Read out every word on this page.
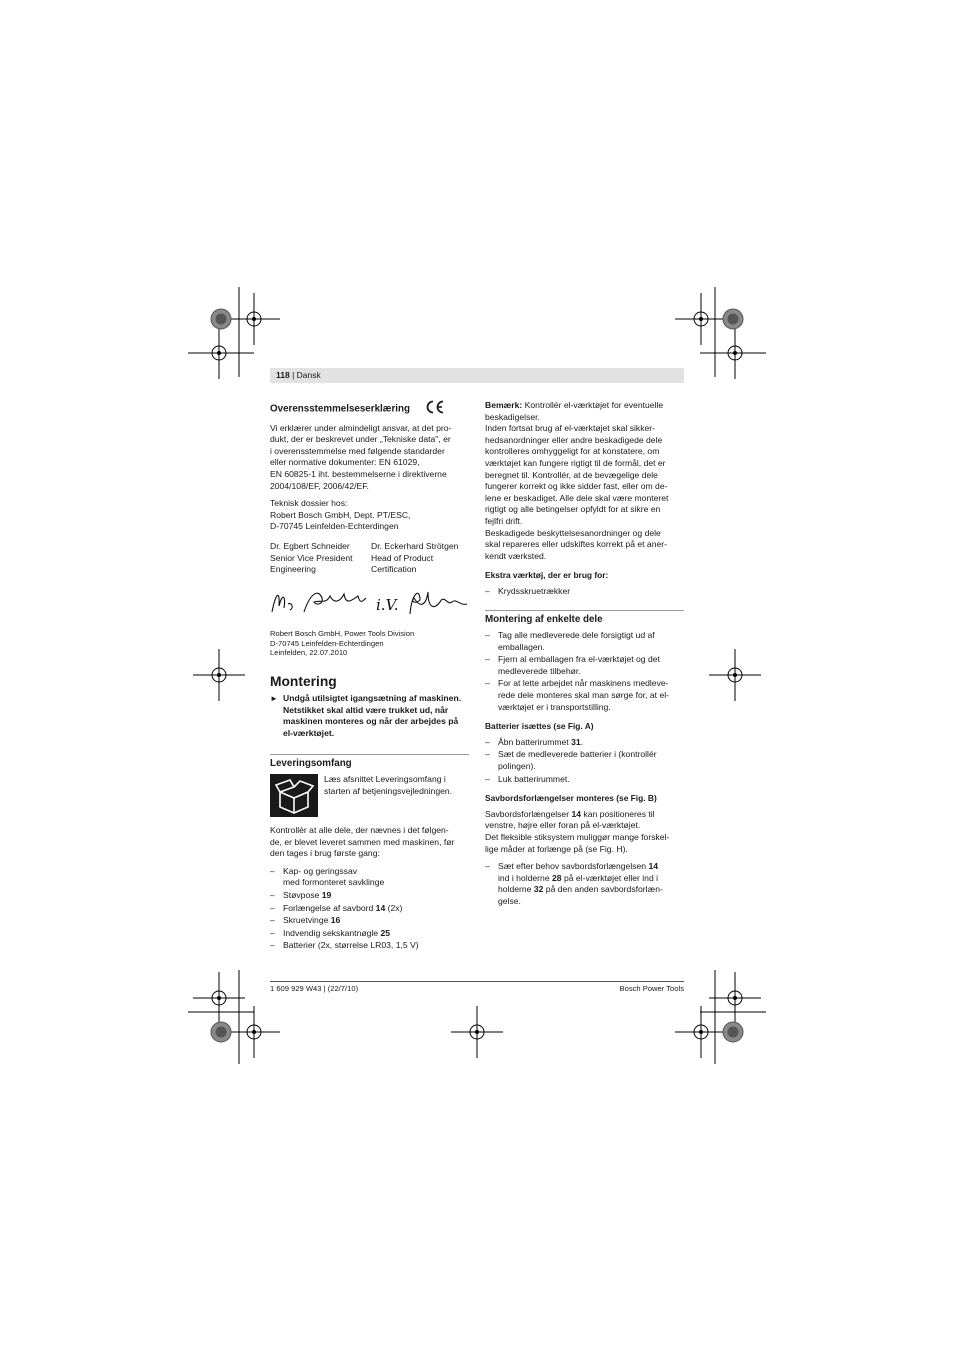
118 | Dansk
Overensstemmelseserklæring

Vi erklærer under almindeligt ansvar, at det pro-
dukt, der er beskrevet under „Tekniske data", er
i overensstemmelse med følgende standarder
eller normative dokumenter: EN 61029,
EN 60825-1 iht. bestemmelserne i direktiverne
2004/108/EF, 2006/42/EF.

Teknisk dossier hos:
Robert Bosch GmbH, Dept. PT/ESC,
D-70745 Leinfelden-Echterdingen

Dr. Egbert Schneider
Senior Vice President
Engineering
Dr. Eckerhard Strötgen
Head of Product
Certification
i.V.
Robert Bosch GmbH, Power Tools Division
D-70745 Leinfelden-Echterdingen
Leinfelden, 22.07.2010
Montering
► Undgå utilsigtet igangsætning af maskinen.
Netstikket skal altid være trukket ud, når
maskinen monteres og når der arbejdes på
el-værktøjet.
Leveringsomfang
Læs afsnittet Leveringsomfang i
starten af betjeningsvejledningen.

Kontrollér at alle dele, der nævnes i det følgen-
de, er blevet leveret sammen med maskinen, før
den tages i brug første gang:

– Kap- og geringssav
med formonteret savklinge
– Støvpose 19
– Forlængelse af savbord 14 (2x)
– Skruetvinge 16
– Indvendig sekskantnøgle 25
– Batterier (2x, størrelse LR03, 1,5 V)

Bemærk: Kontrollér el-værktøjet for eventuelle
beskadigelser.
Inden fortsat brug af el-værktøjet skal sikker-
hedsanordninger eller andre beskadigede dele
kontrolleres omhyggeligt for at konstatere, om
værktøjet kan fungere rigtigt til de formål, det er
beregnet til. Kontrollér, at de bevægelige dele
fungerer korrekt og ikke sidder fast, eller om de-
lene er beskadiget. Alle dele skal være monteret
rigtigt og alle betingelser opfyldt for at sikre en
fejlfri drift.
Beskadigede beskyttelsesanordninger og dele
skal repareres eller udskiftes korrekt på et aner-
kendt værksted.

Ekstra værktøj, der er brug for:
– Krydsskruetrækker
Montering af enkelte dele
– Tag alle medleverede dele forsigtigt ud af
emballagen.
– Fjern al emballagen fra el-værktøjet og det
medleverede tilbehør.
– For at lette arbejdet når maskinens medleve-
rede dele monteres skal man sørge for, at el-
værktøjet er i transportstilling.
Batterier isættes (se Fig. A)
– Åbn batterirummet 31.
– Sæt de medleverede batterier i (kontrollér
polingen).
– Luk batterirummet.
Savbordsforlængelser monteres (se Fig. B)

Savbordsforlængelser 14 kan positioneres til
venstre, højre eller foran på el-værktøjet.
Det fleksible stiksystem muliggør mange forskel-
lige måder at forlænge på (se Fig. H).

– Sæt efter behov savbordsforlængelsen 14
ind i holderne 28 på el-værktøjet eller ind i
holderne 32 på den anden savbordsforlæn-
gelse.
1 609 929 W43 | (22/7/10)	Bosch Power Tools
